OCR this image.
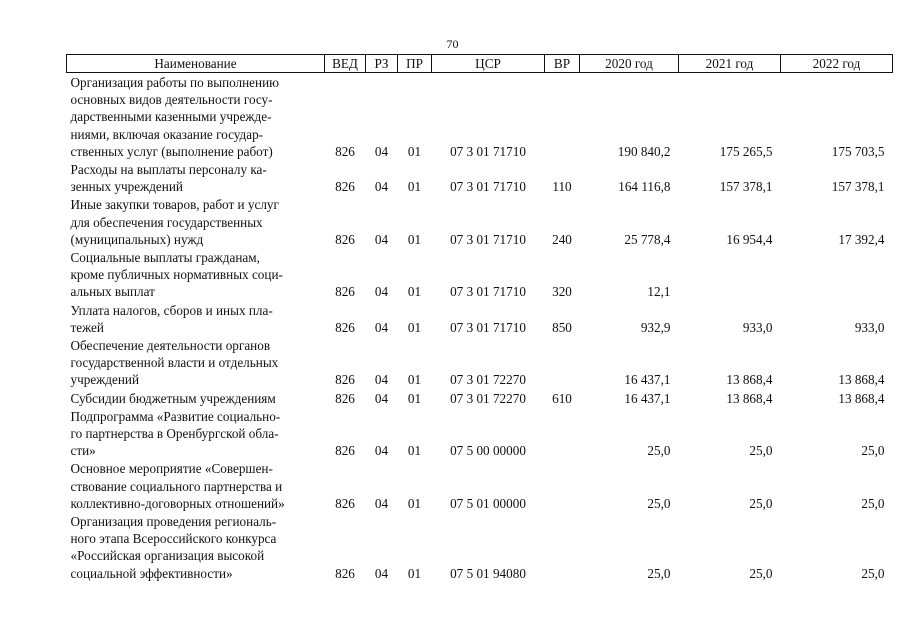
70
Наименование	ВЕД	РЗ	ПР	ЦСР	ВР	2020 год	2021 год	2022 год
Организация работы по выполнению
основных видов деятельности госу-
дарственными казенными учрежде-
ниями, включая оказание государ-
ственных услуг (выполнение работ)	826	04	01	07 3 01 71710		190 840,2	175 265,5	175 703,5
Расходы на выплаты персоналу ка-
зенных учреждений	826	04	01	07 3 01 71710	110	164 116,8	157 378,1	157 378,1
Иные закупки товаров, работ и услуг
для обеспечения государственных
(муниципальных) нужд	826	04	01	07 3 01 71710	240	25 778,4	16 954,4	17 392,4
Социальные выплаты гражданам,
кроме публичных нормативных соци-
альных выплат	826	04	01	07 3 01 71710	320	12,1		
Уплата налогов, сборов и иных пла-
тежей	826	04	01	07 3 01 71710	850	932,9	933,0	933,0
Обеспечение деятельности органов
государственной власти и отдельных
учреждений	826	04	01	07 3 01 72270		16 437,1	13 868,4	13 868,4
Субсидии бюджетным учреждениям	826	04	01	07 3 01 72270	610	16 437,1	13 868,4	13 868,4
Подпрограмма «Развитие социально-
го партнерства в Оренбургской обла-
сти»	826	04	01	07 5 00 00000		25,0	25,0	25,0
Основное мероприятие «Совершен-
ствование социального партнерства и
коллективно-договорных отношений»	826	04	01	07 5 01 00000		25,0	25,0	25,0
Организация проведения региональ-
ного этапа Всероссийского конкурса
«Российская организация высокой
социальной эффективности»	826	04	01	07 5 01 94080		25,0	25,0	25,0
